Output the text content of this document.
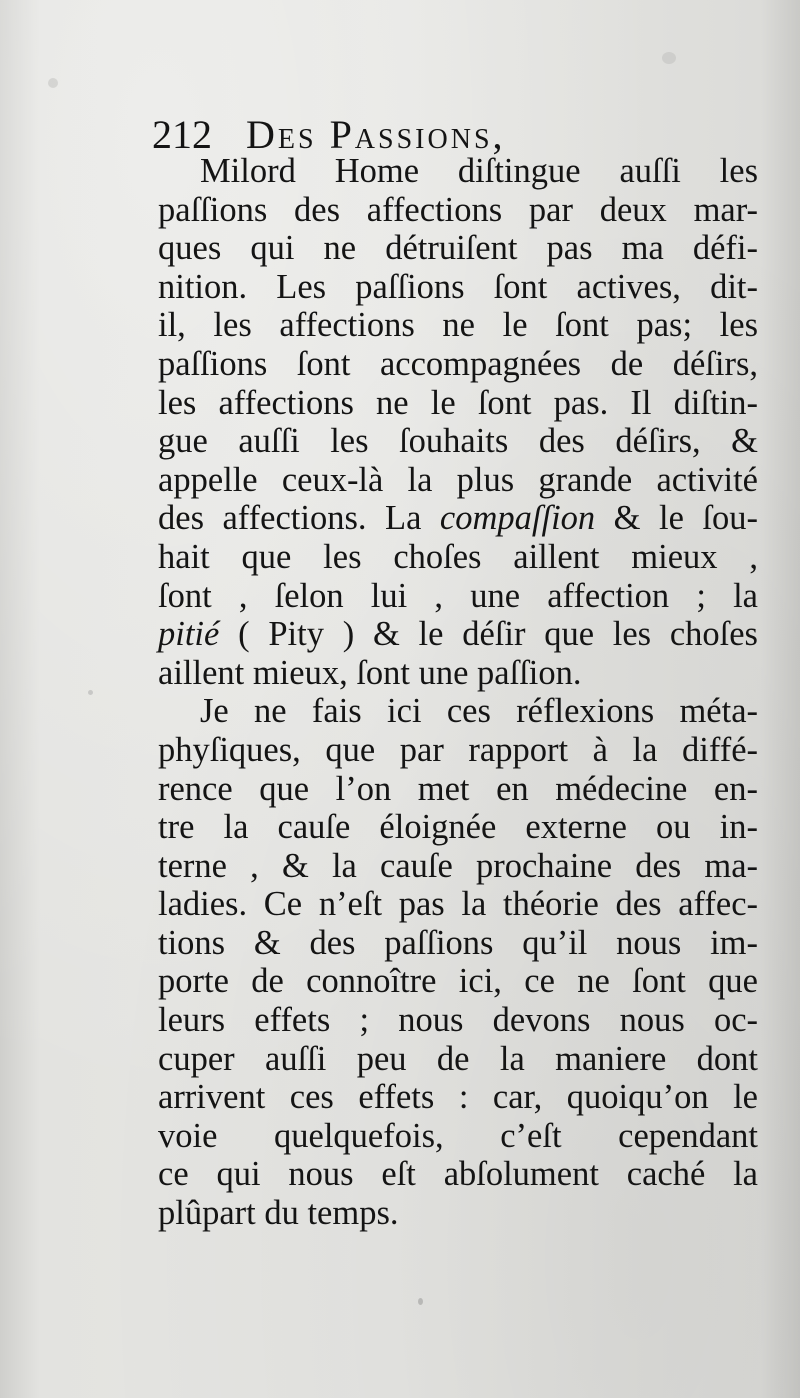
212 Des Passions,
Milord Home diſtingue auſſi les
paſſions des affections par deux mar-
ques qui ne détruiſent pas ma défi-
nition. Les paſſions ſont actives, dit-
il, les affections ne le ſont pas; les
paſſions ſont accompagnées de déſirs,
les affections ne le ſont pas. Il diſtin-
gue auſſi les ſouhaits des déſirs, &
appelle ceux-là la plus grande activité
des affections. La compaſſion & le ſou-
hait que les choſes aillent mieux ,
ſont , ſelon lui , une affection ; la
pitié ( Pity ) & le déſir que les choſes
aillent mieux, ſont une paſſion.
Je ne fais ici ces réflexions méta-
phyſiques, que par rapport à la diffé-
rence que l’on met en médecine en-
tre la cauſe éloignée externe ou in-
terne , & la cauſe prochaine des ma-
ladies. Ce n’eſt pas la théorie des affec-
tions & des paſſions qu’il nous im-
porte de connoître ici, ce ne ſont que
leurs effets ; nous devons nous oc-
cuper auſſi peu de la maniere dont
arrivent ces effets : car, quoiqu’on le
voie quelquefois, c’eſt cependant
ce qui nous eſt abſolument caché la
plûpart du temps.
